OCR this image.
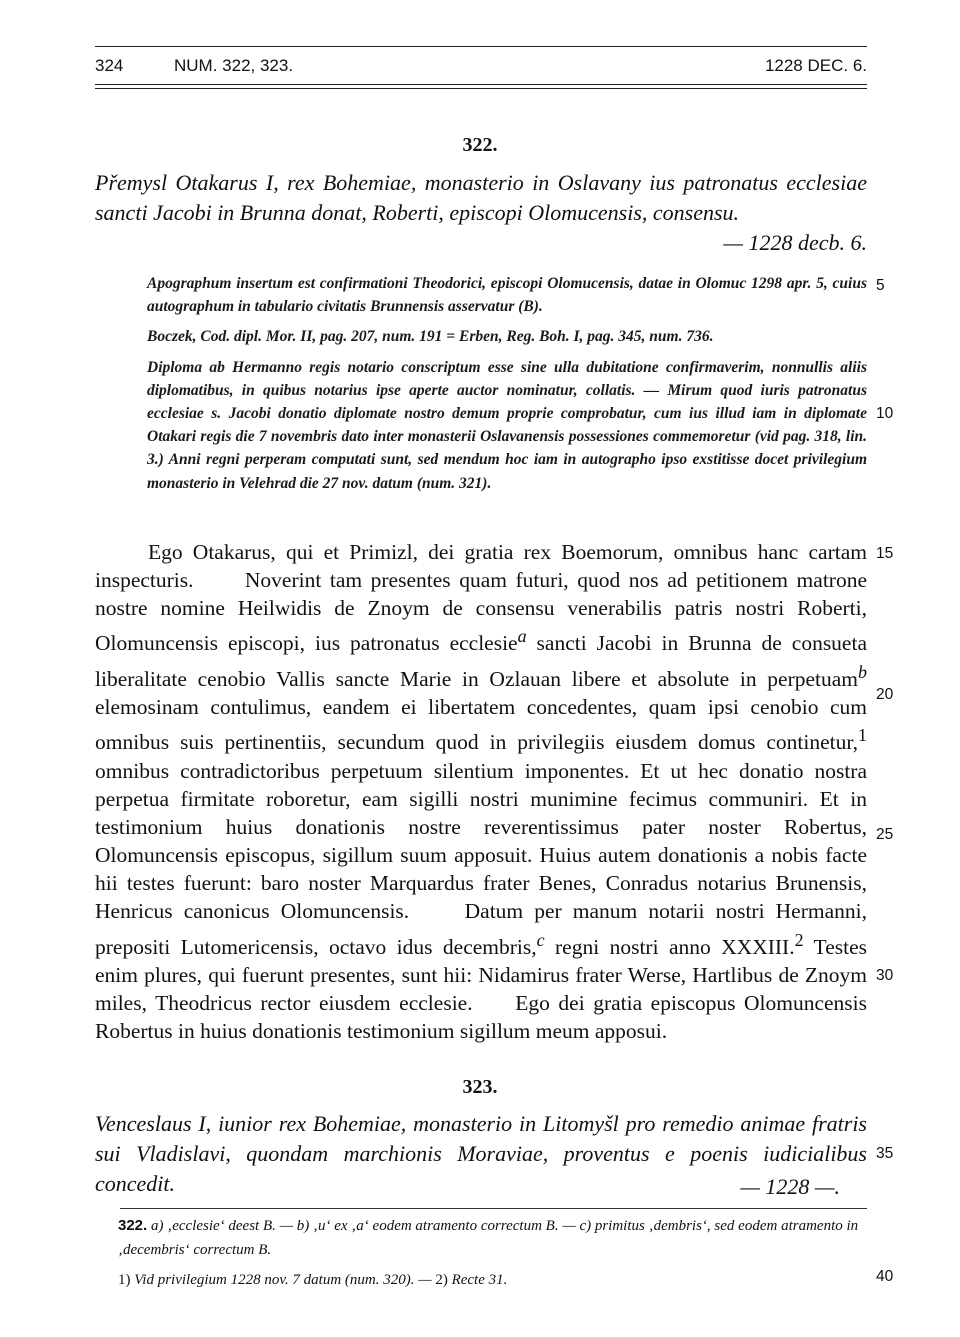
324	NUM. 322, 323.	1228 DEC. 6.
322.
Přemysl Otakarus I, rex Bohemiae, monasterio in Oslavany ius patronatus ecclesiae sancti Jacobi in Brunna donat, Roberti, episcopi Olomucensis, consensu.
— 1228 decb. 6.

Apographum insertum est confirmationi Theodorici, episcopi Olomucensis, datae in Olomuc 1298 apr. 5, cuius autographum in tabulario civitatis Brunnensis asservatur (B).

Boczek, Cod. dipl. Mor. II, pag. 207, num. 191 = Erben, Reg. Boh. I, pag. 345, num. 736.

Diploma ab Hermanno regis notario conscriptum esse sine ulla dubitatione confirmaverim, nonnullis aliis diplomatibus, in quibus notarius ipse aperte auctor nominatur, collatis. — Mirum quod iuris patronatus ecclesiae s. Jacobi donatio diplomate nostro demum proprie comprobatur, cum ius illud iam in diplomate Otakari regis die 7 novembris dato inter monasterii Oslavanensis possessiones commemoretur (vid pag. 318, lin. 3.) Anni regni perperam computati sunt, sed mendum hoc iam in autographo ipso exstitisse docet privilegium monasterio in Velehrad die 27 nov. datum (num. 321).

Ego Otakarus, qui et Primizl, dei gratia rex Boemorum, omnibus hanc cartam inspecturis. Noverint tam presentes quam futuri, quod nos ad petitionem matrone nostre nomine Heilwidis de Znoym de consensu venerabilis patris nostri Roberti, Olomuncensis episcopi, ius patronatus ecclesie$^a$ sancti Jacobi in Brunna de consueta liberalitate cenobio Vallis sancte Marie in Ozlauan libere et absolute in perpetuam$^b$ elemosinam contulimus, eandem ei libertatem concedentes, quam ipsi cenobio cum omnibus suis pertinentiis, secundum quod in privilegiis eiusdem domus continetur,$^1$ omnibus contradictoribus perpetuum silentium imponentes. Et ut hec donatio nostra perpetua firmitate roboretur, eam sigilli nostri munimine fecimus communiri. Et in testimonium huius donationis nostre reverentissimus pater noster Robertus, Olomuncensis episcopus, sigillum suum apposuit. Huius autem donationis a nobis facte hii testes fuerunt: baro noster Marquardus frater Benes, Conradus notarius Brunensis, Henricus canonicus Olomuncensis.	Datum per manum notarii nostri Hermanni, prepositi Lutomericensis, octavo idus decembris,$^c$ regni nostri anno XXXIII.$^2$ Testes enim plures, qui fuerunt presentes, sunt hii: Nidamirus frater Werse, Hartlibus de Znoym miles, Theodricus rector eiusdem ecclesie. Ego dei gratia episcopus Olomuncensis Robertus in huius donationis testimonium sigillum meum apposui.

323.
Venceslaus I, iunior rex Bohemiae, monasterio in Litomyšl pro remedio animae fratris sui Vladislavi, quondam marchionis Moraviae, proventus e poenis iudicialibus concedit.	— 1228 —.
5
10
15
20
25
30
35
322. a) ‚ecclesie‘ deest B. — b) ‚u‘ ex ‚a‘ eodem atramento correctum B. — c) primitus ‚dembris‘, sed eodem atramento in ‚decembris‘ correctum B.
1) Vid privilegium 1228 nov. 7 datum (num. 320). — 2) Recte 31.	40
